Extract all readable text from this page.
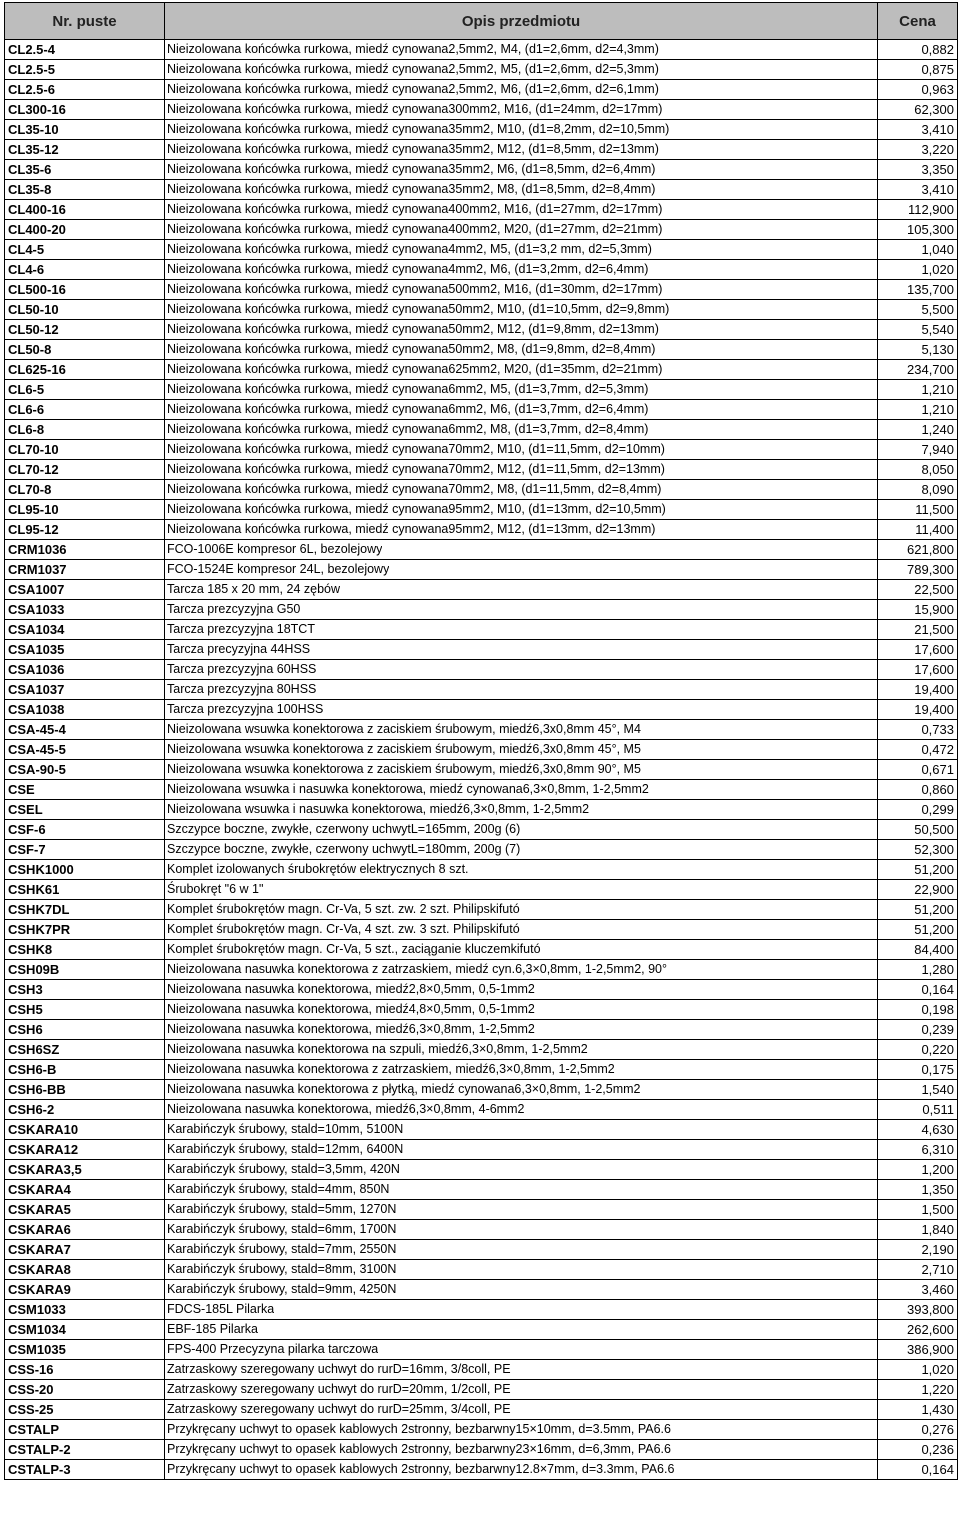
Nr. puste	Opis przedmiotu	Cena
CL2.5-4	Nieizolowana końcówka rurkowa, miedź cynowana2,5mm2, M4, (d1=2,6mm, d2=4,3mm)	0,882
CL2.5-5	Nieizolowana końcówka rurkowa, miedź cynowana2,5mm2, M5, (d1=2,6mm, d2=5,3mm)	0,875
CL2.5-6	Nieizolowana końcówka rurkowa, miedź cynowana2,5mm2, M6, (d1=2,6mm, d2=6,1mm)	0,963
CL300-16	Nieizolowana końcówka rurkowa, miedź cynowana300mm2, M16, (d1=24mm, d2=17mm)	62,300
CL35-10	Nieizolowana końcówka rurkowa, miedź cynowana35mm2, M10, (d1=8,2mm, d2=10,5mm)	3,410
CL35-12	Nieizolowana końcówka rurkowa, miedź cynowana35mm2, M12, (d1=8,5mm, d2=13mm)	3,220
CL35-6	Nieizolowana końcówka rurkowa, miedź cynowana35mm2, M6, (d1=8,5mm, d2=6,4mm)	3,350
CL35-8	Nieizolowana końcówka rurkowa, miedź cynowana35mm2, M8, (d1=8,5mm, d2=8,4mm)	3,410
CL400-16	Nieizolowana końcówka rurkowa, miedź cynowana400mm2, M16, (d1=27mm, d2=17mm)	112,900
CL400-20	Nieizolowana końcówka rurkowa, miedź cynowana400mm2, M20, (d1=27mm, d2=21mm)	105,300
CL4-5	Nieizolowana końcówka rurkowa, miedź cynowana4mm2, M5, (d1=3,2 mm, d2=5,3mm)	1,040
CL4-6	Nieizolowana końcówka rurkowa, miedź cynowana4mm2, M6, (d1=3,2mm, d2=6,4mm)	1,020
CL500-16	Nieizolowana końcówka rurkowa, miedź cynowana500mm2, M16, (d1=30mm, d2=17mm)	135,700
CL50-10	Nieizolowana końcówka rurkowa, miedź cynowana50mm2, M10, (d1=10,5mm, d2=9,8mm)	5,500
CL50-12	Nieizolowana końcówka rurkowa, miedź cynowana50mm2, M12, (d1=9,8mm, d2=13mm)	5,540
CL50-8	Nieizolowana końcówka rurkowa, miedź cynowana50mm2, M8, (d1=9,8mm, d2=8,4mm)	5,130
CL625-16	Nieizolowana końcówka rurkowa, miedź cynowana625mm2, M20, (d1=35mm, d2=21mm)	234,700
CL6-5	Nieizolowana końcówka rurkowa, miedź cynowana6mm2, M5, (d1=3,7mm, d2=5,3mm)	1,210
CL6-6	Nieizolowana końcówka rurkowa, miedź cynowana6mm2, M6, (d1=3,7mm, d2=6,4mm)	1,210
CL6-8	Nieizolowana końcówka rurkowa, miedź cynowana6mm2, M8, (d1=3,7mm, d2=8,4mm)	1,240
CL70-10	Nieizolowana końcówka rurkowa, miedź cynowana70mm2, M10, (d1=11,5mm, d2=10mm)	7,940
CL70-12	Nieizolowana końcówka rurkowa, miedź cynowana70mm2, M12, (d1=11,5mm, d2=13mm)	8,050
CL70-8	Nieizolowana końcówka rurkowa, miedź cynowana70mm2, M8, (d1=11,5mm, d2=8,4mm)	8,090
CL95-10	Nieizolowana końcówka rurkowa, miedź cynowana95mm2, M10, (d1=13mm, d2=10,5mm)	11,500
CL95-12	Nieizolowana końcówka rurkowa, miedź cynowana95mm2, M12, (d1=13mm, d2=13mm)	11,400
CRM1036	FCO-1006E kompresor 6L, bezolejowy	621,800
CRM1037	FCO-1524E kompresor 24L, bezolejowy	789,300
CSA1007	Tarcza 185 x 20 mm, 24 zębów	22,500
CSA1033	Tarcza prezcyzyjna G50	15,900
CSA1034	Tarcza prezcyzyjna 18TCT	21,500
CSA1035	Tarcza precyzyjna 44HSS	17,600
CSA1036	Tarcza prezcyzyjna 60HSS	17,600
CSA1037	Tarcza prezcyzyjna 80HSS	19,400
CSA1038	Tarcza prezcyzyjna 100HSS	19,400
CSA-45-4	Nieizolowana wsuwka konektorowa z zaciskiem śrubowym, miedź6,3x0,8mm 45°, M4	0,733
CSA-45-5	Nieizolowana wsuwka konektorowa z zaciskiem śrubowym, miedź6,3x0,8mm 45°, M5	0,472
CSA-90-5	Nieizolowana wsuwka konektorowa z zaciskiem śrubowym, miedź6,3x0,8mm 90°, M5	0,671
CSE	Nieizolowana wsuwka i nasuwka konektorowa, miedź cynowana6,3×0,8mm, 1-2,5mm2	0,860
CSEL	Nieizolowana wsuwka i nasuwka konektorowa, miedź6,3×0,8mm, 1-2,5mm2	0,299
CSF-6	Szczypce boczne, zwykłe, czerwony uchwytL=165mm, 200g (6)	50,500
CSF-7	Szczypce boczne, zwykłe, czerwony uchwytL=180mm, 200g (7)	52,300
CSHK1000	Komplet izolowanych śrubokrętów elektrycznych 8 szt.	51,200
CSHK61	Śrubokręt "6 w 1"	22,900
CSHK7DL	Komplet śrubokrętów magn. Cr-Va, 5 szt. zw. 2 szt. Philipskifutó	51,200
CSHK7PR	Komplet śrubokrętów magn. Cr-Va, 4 szt. zw. 3 szt. Philipskifutó	51,200
CSHK8	Komplet śrubokrętów magn. Cr-Va, 5 szt., zaciąganie kluczemkifutó	84,400
CSH09B	Nieizolowana nasuwka konektorowa z zatrzaskiem, miedź cyn.6,3×0,8mm, 1-2,5mm2, 90°	1,280
CSH3	Nieizolowana nasuwka konektorowa, miedź2,8×0,5mm, 0,5-1mm2	0,164
CSH5	Nieizolowana nasuwka konektorowa, miedź4,8×0,5mm, 0,5-1mm2	0,198
CSH6	Nieizolowana nasuwka konektorowa, miedź6,3×0,8mm, 1-2,5mm2	0,239
CSH6SZ	Nieizolowana nasuwka konektorowa na szpuli, miedź6,3×0,8mm, 1-2,5mm2	0,220
CSH6-B	Nieizolowana nasuwka konektorowa z zatrzaskiem, miedź6,3×0,8mm, 1-2,5mm2	0,175
CSH6-BB	Nieizolowana nasuwka konektorowa z płytką, miedź cynowana6,3×0,8mm, 1-2,5mm2	1,540
CSH6-2	Nieizolowana nasuwka konektorowa, miedź6,3×0,8mm, 4-6mm2	0,511
CSKARA10	Karabińczyk śrubowy, stald=10mm, 5100N	4,630
CSKARA12	Karabińczyk śrubowy, stald=12mm, 6400N	6,310
CSKARA3,5	Karabińczyk śrubowy, stald=3,5mm, 420N	1,200
CSKARA4	Karabińczyk śrubowy, stald=4mm, 850N	1,350
CSKARA5	Karabińczyk śrubowy, stald=5mm, 1270N	1,500
CSKARA6	Karabińczyk śrubowy, stald=6mm, 1700N	1,840
CSKARA7	Karabińczyk śrubowy, stald=7mm, 2550N	2,190
CSKARA8	Karabińczyk śrubowy, stald=8mm, 3100N	2,710
CSKARA9	Karabińczyk śrubowy, stald=9mm, 4250N	3,460
CSM1033	FDCS-185L Pilarka	393,800
CSM1034	EBF-185 Pilarka	262,600
CSM1035	FPS-400 Przecyzyna pilarka tarczowa	386,900
CSS-16	Zatrzaskowy szeregowany uchwyt do rurD=16mm, 3/8coll, PE	1,020
CSS-20	Zatrzaskowy szeregowany uchwyt do rurD=20mm, 1/2coll, PE	1,220
CSS-25	Zatrzaskowy szeregowany uchwyt do rurD=25mm, 3/4coll, PE	1,430
CSTALP	Przykręcany uchwyt to opasek kablowych 2stronny, bezbarwny15×10mm, d=3.5mm, PA6.6	0,276
CSTALP-2	Przykręcany uchwyt to opasek kablowych 2stronny, bezbarwny23×16mm, d=6,3mm, PA6.6	0,236
CSTALP-3	Przykręcany uchwyt to opasek kablowych 2stronny, bezbarwny12.8×7mm, d=3.3mm, PA6.6	0,164
